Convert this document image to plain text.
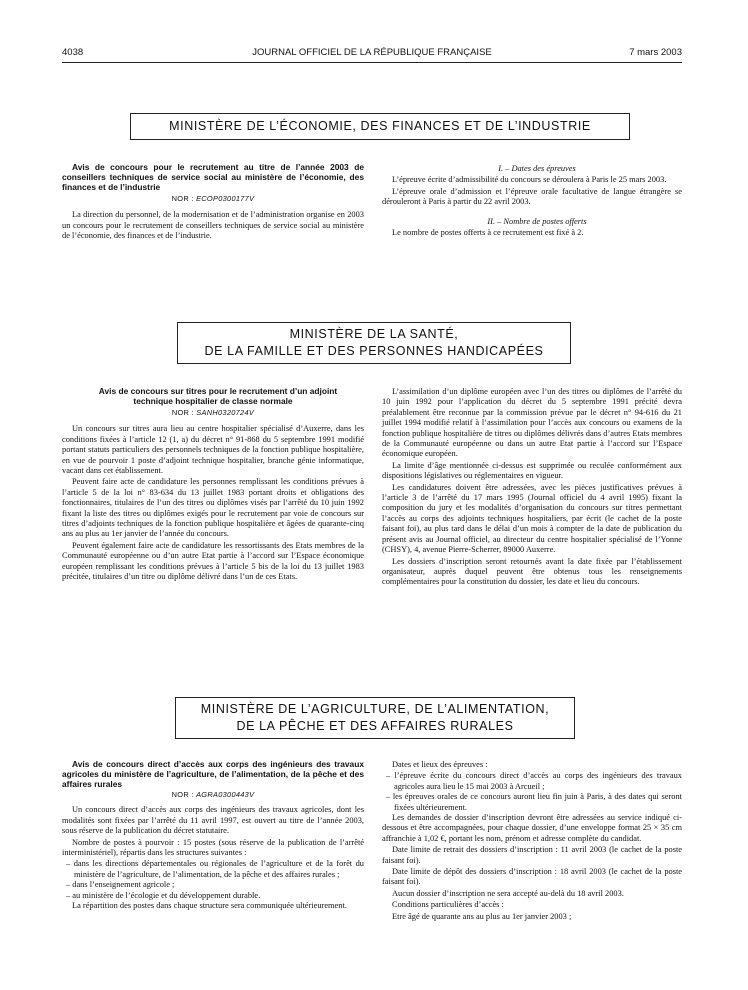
4038	JOURNAL OFFICIEL DE LA RÉPUBLIQUE FRANÇAISE	7 mars 2003
MINISTÈRE DE L’ÉCONOMIE, DES FINANCES ET DE L’INDUSTRIE

Avis de concours pour le recrutement au titre de l’année 2003 de conseillers techniques de service social au ministère de l’économie, des finances et de l’industrie

NOR : ECOP0300177V

La direction du personnel, de la modernisation et de l’administration organise en 2003 un concours pour le recrutement de conseillers techniques de service social au ministère de l’économie, des finances et de l’industrie.

I. – Dates des épreuves

L’épreuve écrite d’admissibilité du concours se déroulera à Paris le 25 mars 2003.

L’épreuve orale d’admission et l’épreuve orale facultative de langue étrangère se dérouleront à Paris à partir du 22 avril 2003.

II. – Nombre de postes offerts

Le nombre de postes offerts à ce recrutement est fixé à 2.

MINISTÈRE DE LA SANTÉ,
DE LA FAMILLE ET DES PERSONNES HANDICAPÉES

Avis de concours sur titres pour le recrutement d’un adjoint technique hospitalier de classe normale

NOR : SANH0320724V

Un concours sur titres aura lieu au centre hospitalier spécialisé d’Auxerre, dans les conditions fixées à l’article 12 (1, a) du décret n° 91-868 du 5 septembre 1991 modifié portant statuts particuliers des personnels techniques de la fonction publique hospitalière, en vue de pourvoir 1 poste d’adjoint technique hospitalier, branche génie informatique, vacant dans cet établissement.

Peuvent faire acte de candidature les personnes remplissant les conditions prévues à l’article 5 de la loi n° 83-634 du 13 juillet 1983 portant droits et obligations des fonctionnaires, titulaires de l’un des titres ou diplômes visés par l’arrêté du 10 juin 1992 fixant la liste des titres ou diplômes exigés pour le recrutement par voie de concours sur titres d’adjoints techniques de la fonction publique hospitalière et âgées de quarante-cinq ans au plus au 1er janvier de l’année du concours.

Peuvent également faire acte de candidature les ressortissants des Etats membres de la Communauté européenne ou d’un autre Etat partie à l’accord sur l’Espace économique européen remplissant les conditions prévues à l’article 5 bis de la loi du 13 juillet 1983 précitée, titulaires d’un titre ou diplôme délivré dans l’un de ces Etats.

L’assimilation d’un diplôme européen avec l’un des titres ou diplômes de l’arrêté du 10 juin 1992 pour l’application du décret du 5 septembre 1991 précité devra préalablement être reconnue par la commission prévue par le décret n° 94-616 du 21 juillet 1994 modifié relatif à l’assimilation pour l’accès aux concours ou examens de la fonction publique hospitalière de titres ou diplômes délivrés dans d’autres Etats membres de la Communauté européenne ou dans un autre Etat partie à l’accord sur l’Espace économique européen.

La limite d’âge mentionnée ci-dessus est supprimée ou reculée conformément aux dispositions législatives ou réglementaires en vigueur.

Les candidatures doivent être adressées, avec les pièces justificatives prévues à l’article 3 de l’arrêté du 17 mars 1995 (Journal officiel du 4 avril 1995) fixant la composition du jury et les modalités d’organisation du concours sur titres permettant l’accès au corps des adjoints techniques hospitaliers, par écrit (le cachet de la poste faisant foi), au plus tard dans le délai d’un mois à compter de la date de publication du présent avis au Journal officiel, au directeur du centre hospitalier spécialisé de l’Yonne (CHSY), 4, avenue Pierre-Scherrer, 89000 Auxerre.

Les dossiers d’inscription seront retournés avant la date fixée par l’établissement organisateur, auprès duquel peuvent être obtenus tous les renseignements complémentaires pour la constitution du dossier, les date et lieu du concours.

MINISTÈRE DE L’AGRICULTURE, DE L’ALIMENTATION,
DE LA PÊCHE ET DES AFFAIRES RURALES

Avis de concours direct d’accès aux corps des ingénieurs des travaux agricoles du ministère de l’agriculture, de l’alimentation, de la pêche et des affaires rurales

NOR : AGRA0300443V

Un concours direct d’accès aux corps des ingénieurs des travaux agricoles, dont les modalités sont fixées par l’arrêté du 11 avril 1997, est ouvert au titre de l’année 2003, sous réserve de la publication du décret statutaire.

Nombre de postes à pourvoir : 15 postes (sous réserve de la publication de l’arrêté interministériel), répartis dans les structures suivantes :

– dans les directions départementales ou régionales de l’agriculture et de la forêt du ministère de l’agriculture, de l’alimentation, de la pêche et des affaires rurales ;
– dans l’enseignement agricole ;
– au ministère de l’écologie et du développement durable.

La répartition des postes dans chaque structure sera communiquée ultérieurement.

Dates et lieux des épreuves :

– l’épreuve écrite du concours direct d’accès au corps des ingénieurs des travaux agricoles aura lieu le 15 mai 2003 à Arcueil ;
– les épreuves orales de ce concours auront lieu fin juin à Paris, à des dates qui seront fixées ultérieurement.

Les demandes de dossier d’inscription devront être adressées au service indiqué ci-dessous et être accompagnées, pour chaque dossier, d’une enveloppe format 25 × 35 cm affranchie à 1,02 €, portant les nom, prénom et adresse complète du candidat.

Date limite de retrait des dossiers d’inscription : 11 avril 2003 (le cachet de la poste faisant foi).

Date limite de dépôt des dossiers d’inscription : 18 avril 2003 (le cachet de la poste faisant foi).

Aucun dossier d’inscription ne sera accepté au-delà du 18 avril 2003.

Conditions particulières d’accès :

Etre âgé de quarante ans au plus au 1er janvier 2003 ;
